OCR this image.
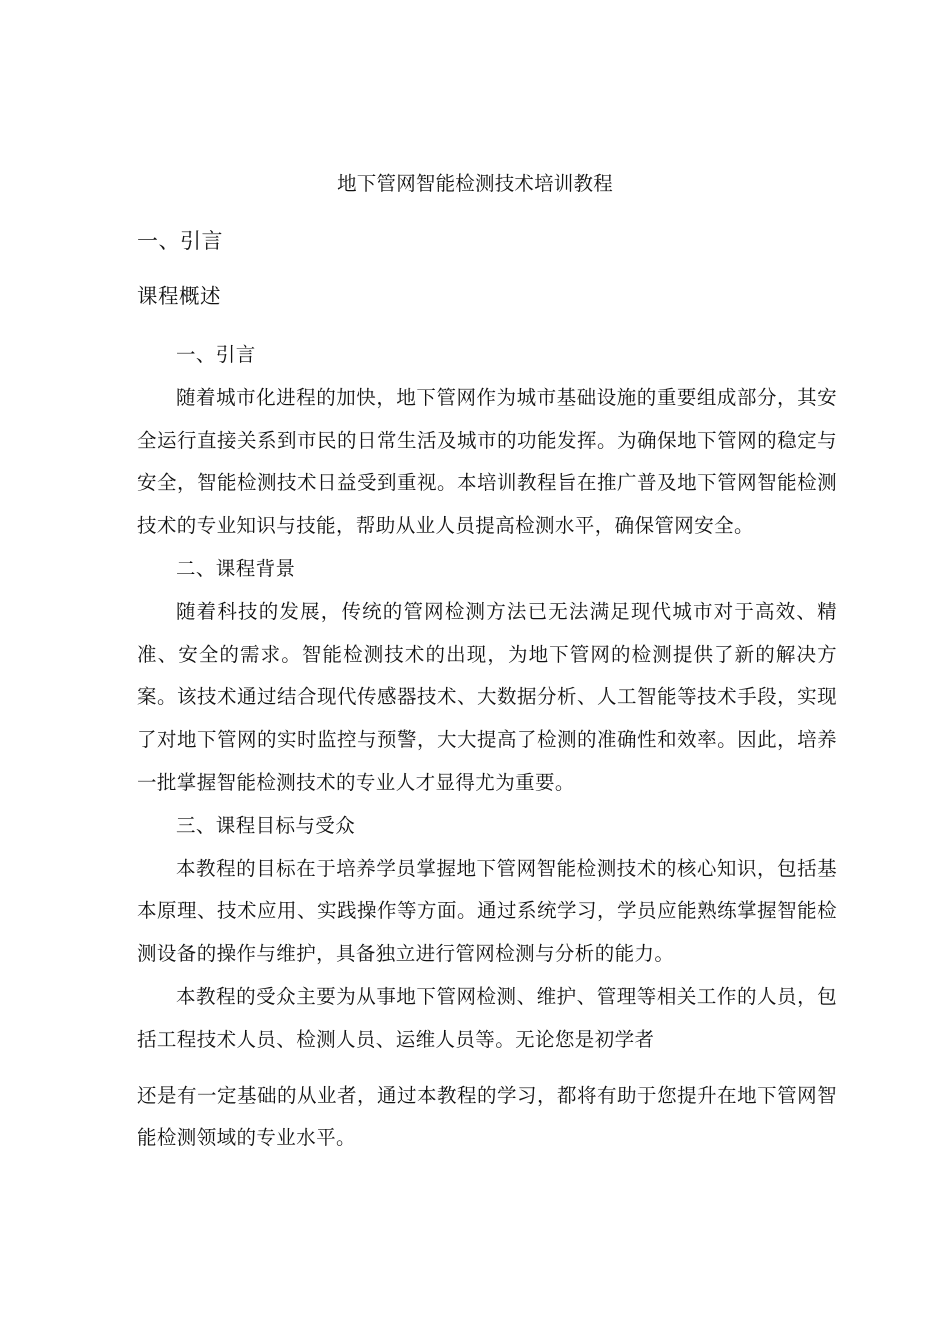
地下管网智能检测技术培训教程
一、引言
课程概述

一、引言

随着城市化进程的加快，地下管网作为城市基础设施的重要组成部分，其安全运行直接关系到市民的日常生活及城市的功能发挥。为确保地下管网的稳定与安全，智能检测技术日益受到重视。本培训教程旨在推广普及地下管网智能检测技术的专业知识与技能，帮助从业人员提高检测水平，确保管网安全。

二、课程背景

随着科技的发展，传统的管网检测方法已无法满足现代城市对于高效、精准、安全的需求。智能检测技术的出现，为地下管网的检测提供了新的解决方案。该技术通过结合现代传感器技术、大数据分析、人工智能等技术手段，实现了对地下管网的实时监控与预警，大大提高了检测的准确性和效率。因此，培养一批掌握智能检测技术的专业人才显得尤为重要。

三、课程目标与受众

本教程的目标在于培养学员掌握地下管网智能检测技术的核心知识，包括基本原理、技术应用、实践操作等方面。通过系统学习，学员应能熟练掌握智能检测设备的操作与维护，具备独立进行管网检测与分析的能力。

本教程的受众主要为从事地下管网检测、维护、管理等相关工作的人员，包括工程技术人员、检测人员、运维人员等。无论您是初学者

还是有一定基础的从业者，通过本教程的学习，都将有助于您提升在地下管网智能检测领域的专业水平。
